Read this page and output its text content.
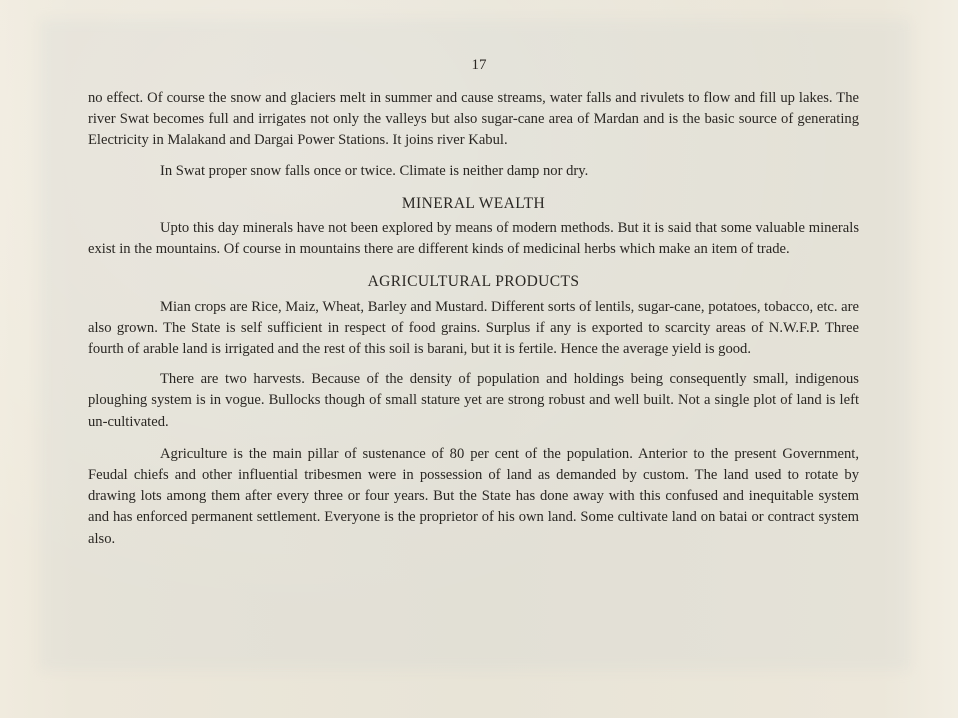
17

no effect. Of course the snow and glaciers melt in summer and cause streams, water falls and rivulets to flow and fill up lakes. The river Swat becomes full and irrigates not only the valleys but also sugar-cane area of Mardan and is the basic source of generating Electricity in Malakand and Dargai Power Stations. It joins river Kabul.

In Swat proper snow falls once or twice. Climate is neither damp nor dry.

MINERAL WEALTH

Upto this day minerals have not been explored by means of modern methods. But it is said that some valuable minerals exist in the mountains. Of course in mountains there are different kinds of medicinal herbs which make an item of trade.

AGRICULTURAL PRODUCTS

Mian crops are Rice, Maiz, Wheat, Barley and Mustard. Different sorts of lentils, sugar-cane, potatoes, tobacco, etc. are also grown. The State is self sufficient in respect of food grains. Surplus if any is exported to scarcity areas of N.W.F.P. Three fourth of arable land is irrigated and the rest of this soil is barani, but it is fertile. Hence the average yield is good.

There are two harvests. Because of the density of population and holdings being consequently small, indigenous ploughing system is in vogue. Bullocks though of small stature yet are strong robust and well built. Not a single plot of land is left un-cultivated.

Agriculture is the main pillar of sustenance of 80 per cent of the population. Anterior to the present Government, Feudal chiefs and other influential tribesmen were in possession of land as demanded by custom. The land used to rotate by drawing lots among them after every three or four years. But the State has done away with this confused and inequitable system and has enforced permanent settlement. Everyone is the proprietor of his own land. Some cultivate land on batai or contract system also.
